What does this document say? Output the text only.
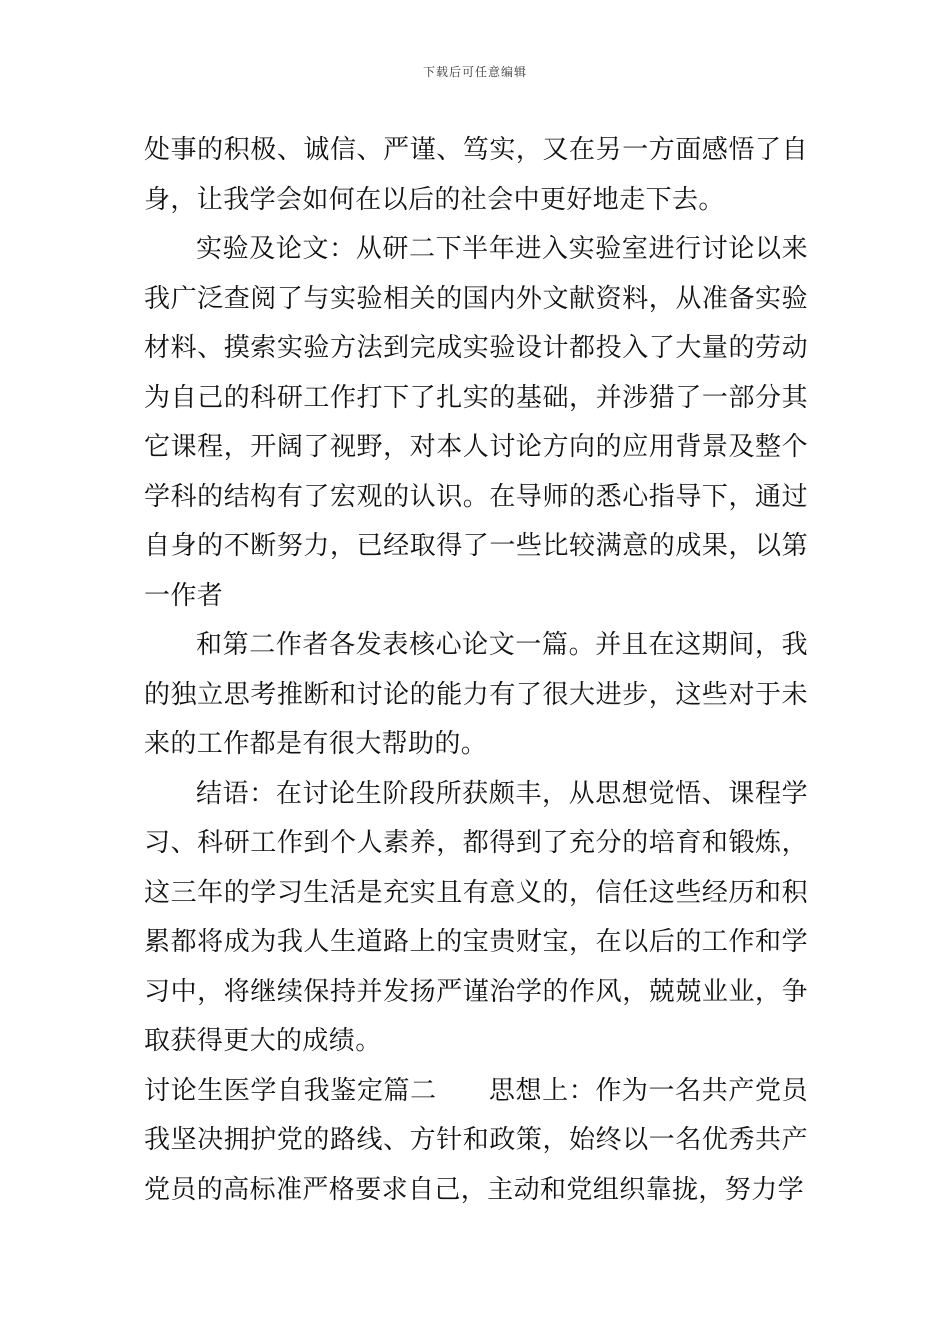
下载后可任意编辑

处事的积极、诚信、严谨、笃实，又在另一方面感悟了自身，让我学会如何在以后的社会中更好地走下去。

实验及论文：从研二下半年进入实验室进行讨论以来我广泛查阅了与实验相关的国内外文献资料，从准备实验材料、摸索实验方法到完成实验设计都投入了大量的劳动为自己的科研工作打下了扎实的基础，并涉猎了一部分其它课程，开阔了视野，对本人讨论方向的应用背景及整个学科的结构有了宏观的认识。在导师的悉心指导下，通过自身的不断努力，已经取得了一些比较满意的成果，以第一作者

和第二作者各发表核心论文一篇。并且在这期间，我的独立思考推断和讨论的能力有了很大进步，这些对于未来的工作都是有很大帮助的。

结语：在讨论生阶段所获颇丰，从思想觉悟、课程学习、科研工作到个人素养，都得到了充分的培育和锻炼，这三年的学习生活是充实且有意义的，信任这些经历和积累都将成为我人生道路上的宝贵财宝，在以后的工作和学习中，将继续保持并发扬严谨治学的作风，兢兢业业，争取获得更大的成绩。

讨论生医学自我鉴定篇二 思想上：作为一名共产党员我坚决拥护党的路线、方针和政策，始终以一名优秀共产党员的高标准严格要求自己，主动和党组织靠拢，努力学
